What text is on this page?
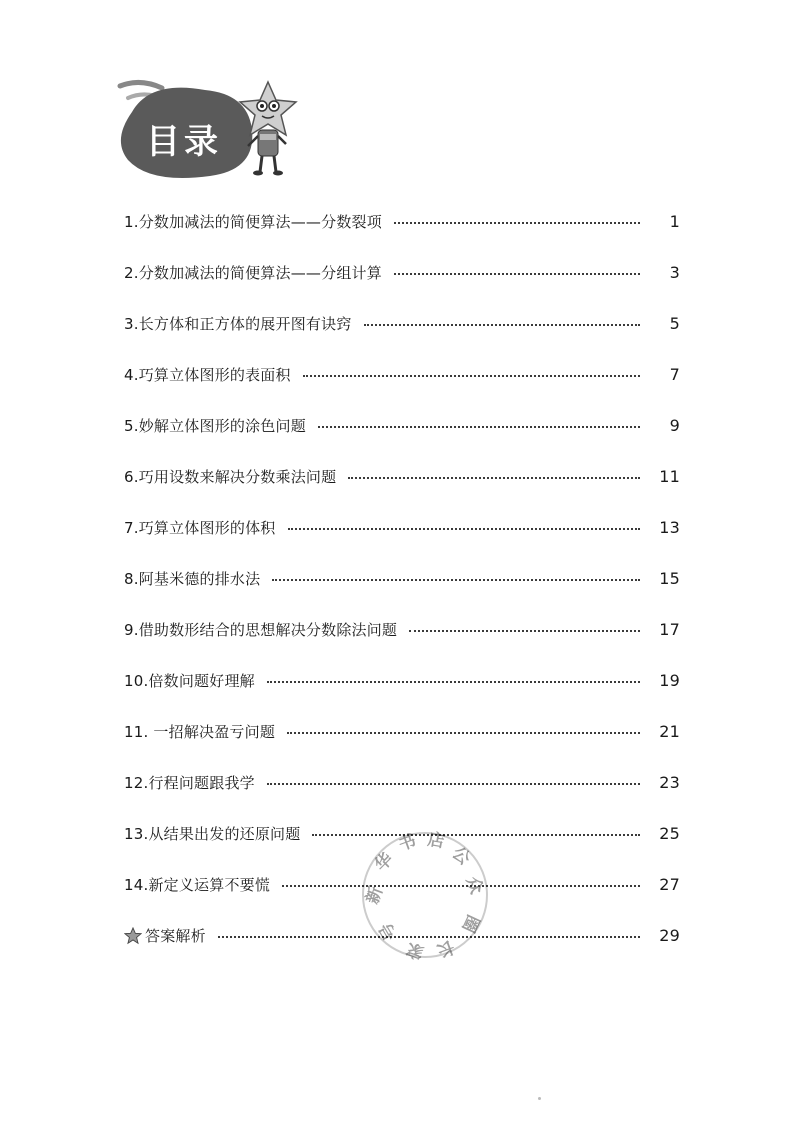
目录
1.分数加减法的简便算法——分数裂项	1
2.分数加减法的简便算法——分组计算	3
3.长方体和正方体的展开图有诀窍	5
4.巧算立体图形的表面积	7
5.妙解立体图形的涂色问题	9
6.巧用设数来解决分数乘法问题	11
7.巧算立体图形的体积	13
8.阿基米德的排水法	15
9.借助数形结合的思想解决分数除法问题	17
10.倍数问题好理解	19
11. 一招解决盈亏问题	21
12.行程问题跟我学	23
13.从结果出发的还原问题	25
14.新定义运算不要慌	27
答案解析	29
新
华
书 店
公
众
号
家 长
圈
